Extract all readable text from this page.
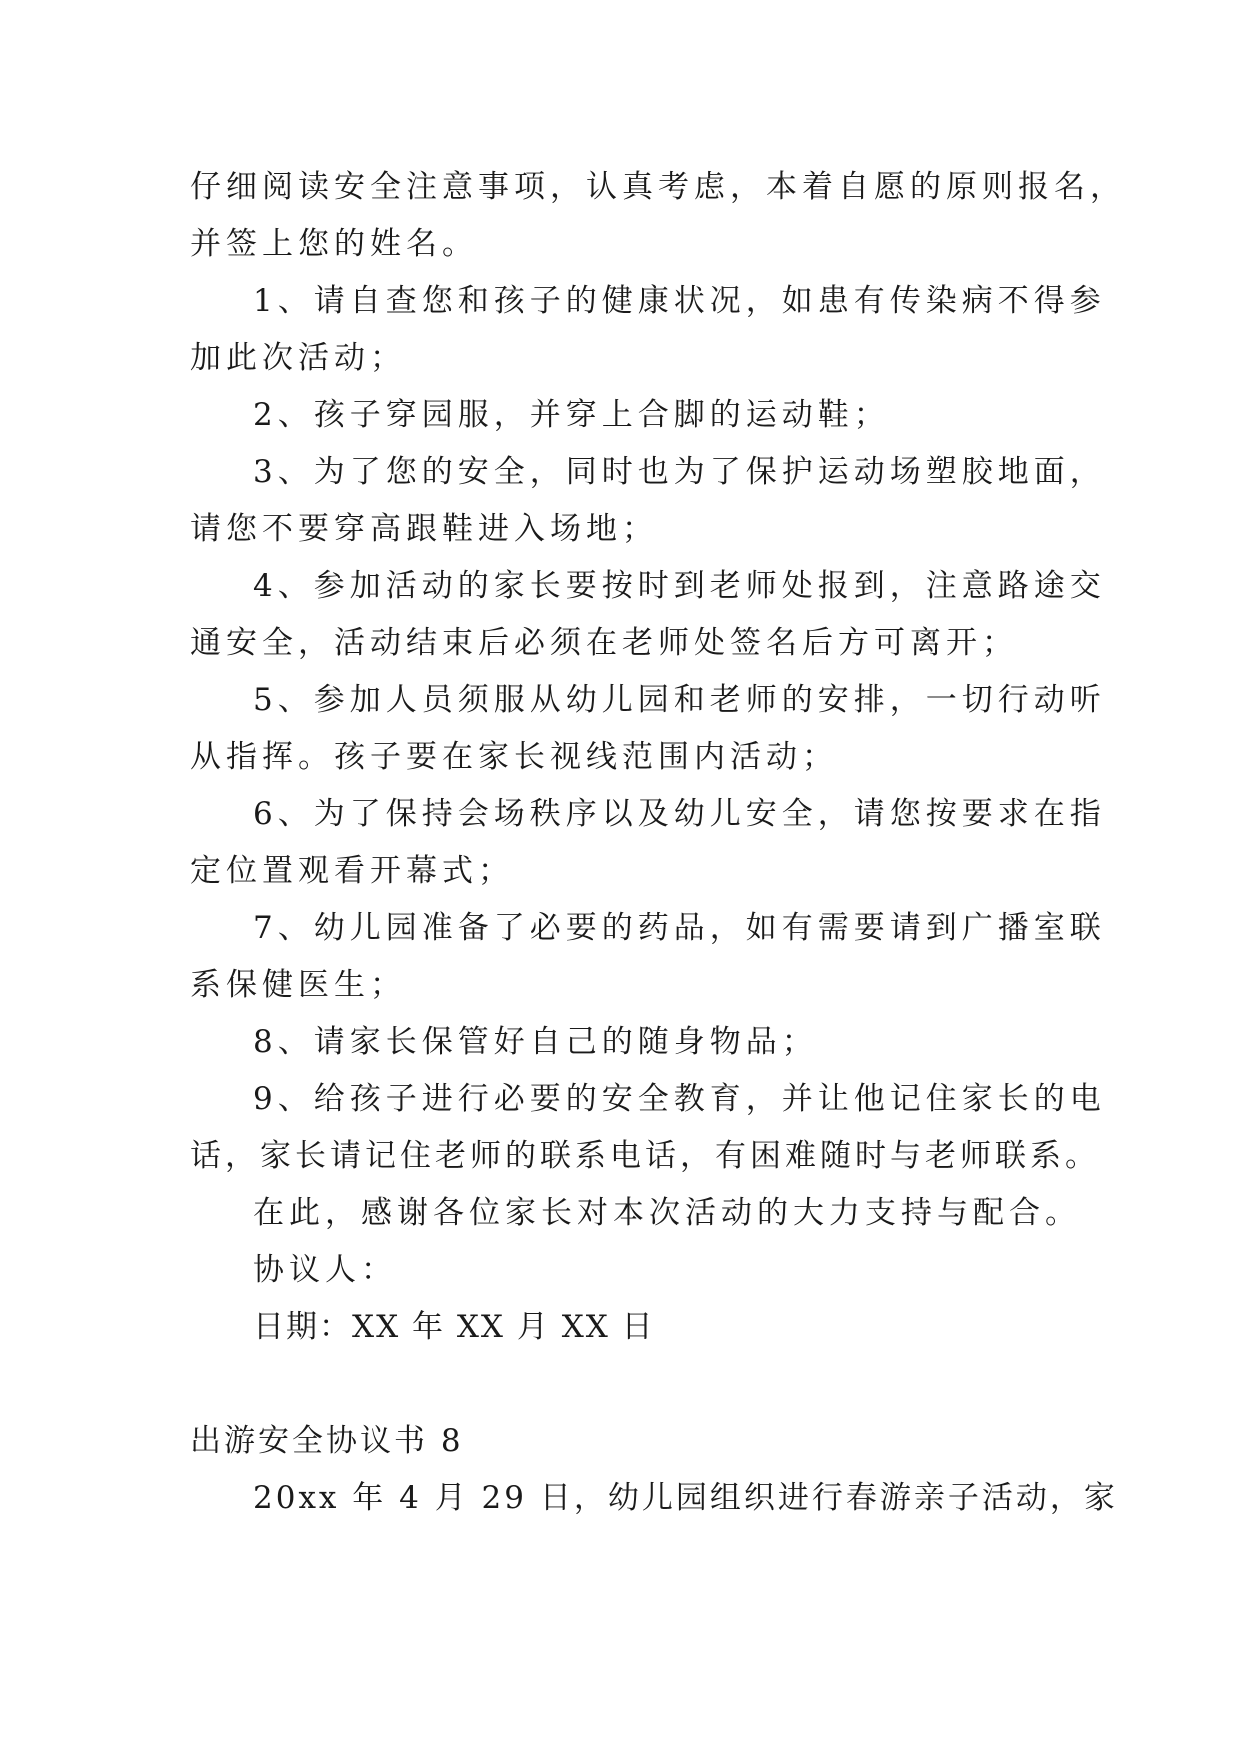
仔细阅读安全注意事项，认真考虑，本着自愿的原则报名，
并签上您的姓名。
1、请自查您和孩子的健康状况，如患有传染病不得参
加此次活动；
2、孩子穿园服，并穿上合脚的运动鞋；
3、为了您的安全，同时也为了保护运动场塑胶地面，
请您不要穿高跟鞋进入场地；
4、参加活动的家长要按时到老师处报到，注意路途交
通安全，活动结束后必须在老师处签名后方可离开；
5、参加人员须服从幼儿园和老师的安排，一切行动听
从指挥。孩子要在家长视线范围内活动；
6、为了保持会场秩序以及幼儿安全，请您按要求在指
定位置观看开幕式；
7、幼儿园准备了必要的药品，如有需要请到广播室联
系保健医生；
8、请家长保管好自己的随身物品；
9、给孩子进行必要的安全教育，并让他记住家长的电
话，家长请记住老师的联系电话，有困难随时与老师联系。
在此，感谢各位家长对本次活动的大力支持与配合。
协议人：
日期：XX 年 XX 月 XX 日
出游安全协议书 8
20xx 年 4 月 29 日，幼儿园组织进行春游亲子活动，家
